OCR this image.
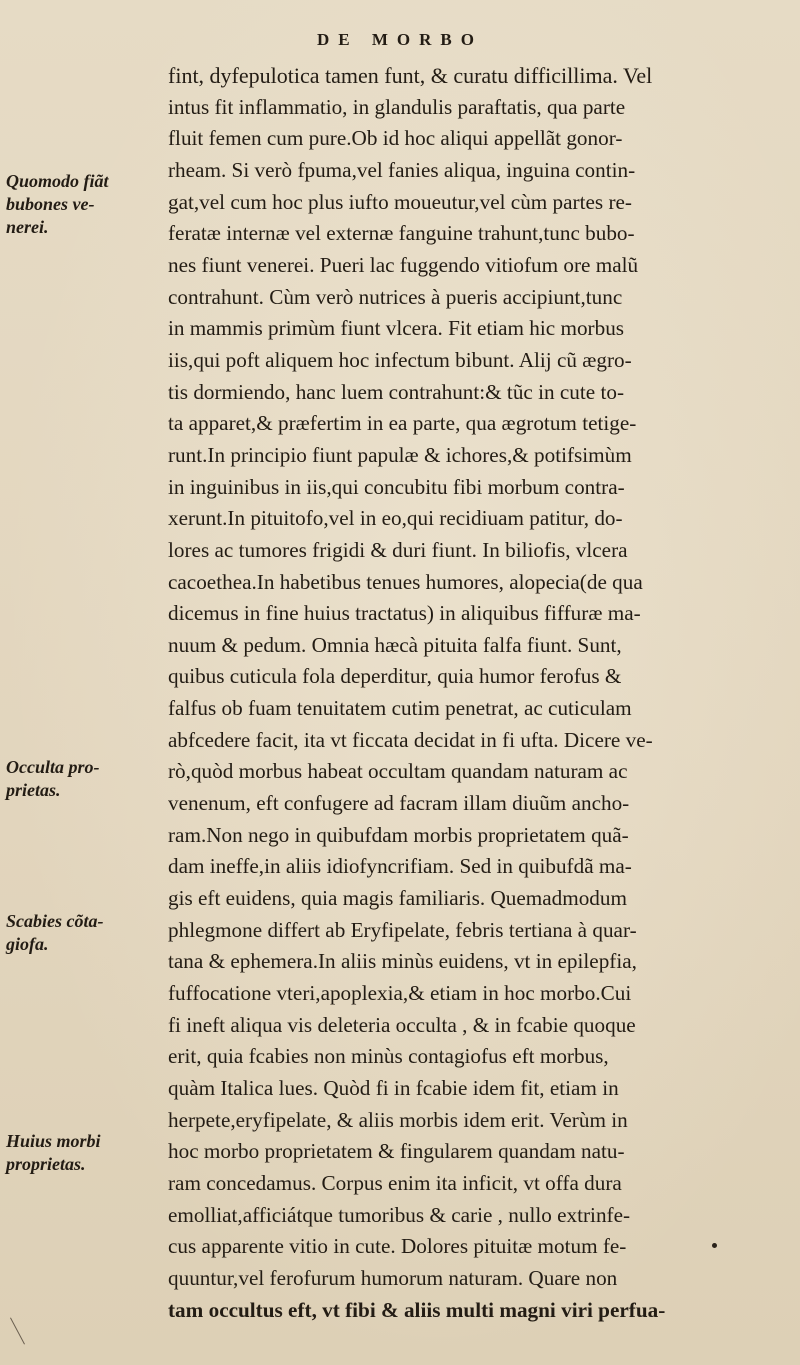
DE MORBO
fint, dyfepulotica tamen funt, & curatu difficillima. Vel
intus fit inflammatio, in glandulis paraftatis, qua parte
fluit femen cum pure.Ob id hoc aliqui appellãt gonor-
rheam. Si verò fpuma,vel fanies aliqua, inguina contin-
gat,vel cum hoc plus iufto moueutur,vel cùm partes re-
feratæ internæ vel externæ fanguine trahunt,tunc bubo-
nes fiunt venerei. Pueri lac fuggendo vitiofum ore malũ
contrahunt. Cùm verò nutrices à pueris accipiunt,tunc
in mammis primùm fiunt vlcera. Fit etiam hic morbus
iis,qui poft aliquem hoc infectum bibunt. Alij cũ ægro-
tis dormiendo, hanc luem contrahunt:& tũc in cute to-
ta apparet,& præfertim in ea parte, qua ægrotum tetige-
runt.In principio fiunt papulæ & ichores,& potifsimùm
in inguinibus in iis,qui concubitu fibi morbum contra-
xerunt.In pituitofo,vel in eo,qui recidiuam patitur, do-
lores ac tumores frigidi & duri fiunt. In biliofis, vlcera
cacoethea.In habetibus tenues humores, alopecia(de qua
dicemus in fine huius tractatus) in aliquibus fiffuræ ma-
nuum & pedum. Omnia hæcà pituita falfa fiunt. Sunt,
quibus cuticula fola deperditur, quia humor ferofus &
falfus ob fuam tenuitatem cutim penetrat, ac cuticulam
abfcedere facit, ita vt ficcata decidat in fi ufta. Dicere ve-
rò,quòd morbus habeat occultam quandam naturam ac
venenum, eft confugere ad facram illam diuũm ancho-
ram.Non nego in quibufdam morbis proprietatem quã-
dam ineffe,in aliis idiofyncrifiam. Sed in quibufdã ma-
gis eft euidens, quia magis familiaris. Quemadmodum
phlegmone differt ab Eryfipelate, febris tertiana à quar-
tana & ephemera.In aliis minùs euidens, vt in epilepfia,
fuffocatione vteri,apoplexia,& etiam in hoc morbo.Cui
fi ineft aliqua vis deleteria occulta , & in fcabie quoque
erit, quia fcabies non minùs contagiofus eft morbus,
quàm Italica lues. Quòd fi in fcabie idem fit, etiam in
herpete,eryfipelate, & aliis morbis idem erit. Verùm in
hoc morbo proprietatem & fingularem quandam natu-
ram concedamus. Corpus enim ita inficit, vt offa dura
emolliat,afficiátque tumoribus & carie , nullo extrinfe-
cus apparente vitio in cute. Dolores pituitæ motum fe-
quuntur,vel ferofurum humorum naturam. Quare non
tam occultus eft, vt fibi & aliis multi magni viri perfua-
Quomodo fiãt
bubones ve-
nerei.
Occulta pro-
prietas.
Scabies cõta-
giofa.
Huius morbi
proprietas.
